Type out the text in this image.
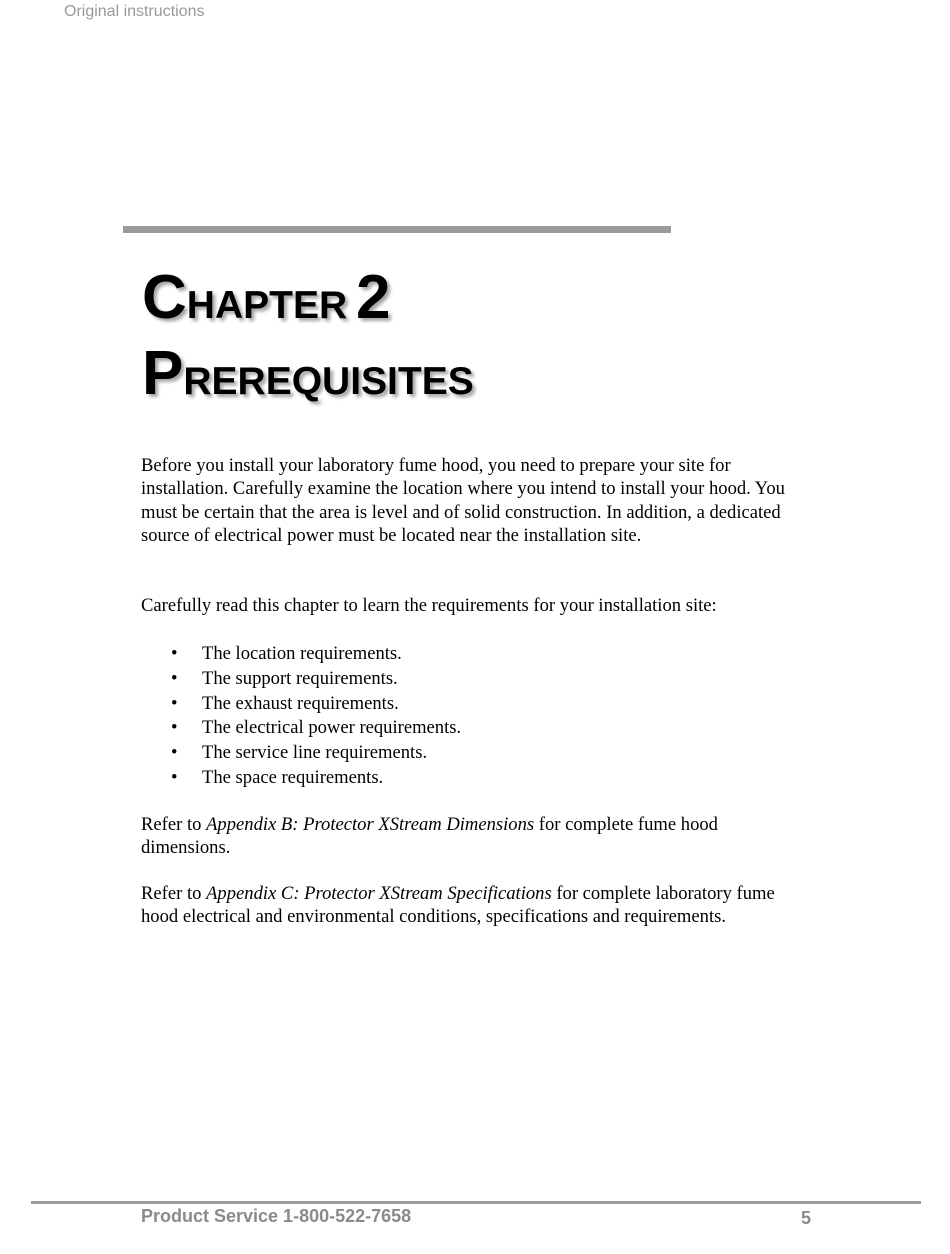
Original instructions
CHAPTER 2
PREREQUISITES

Before you install your laboratory fume hood, you need to prepare your site for installation. Carefully examine the location where you intend to install your hood. You must be certain that the area is level and of solid construction. In addition, a dedicated source of electrical power must be located near the installation site.

Carefully read this chapter to learn the requirements for your installation site:

• The location requirements.
• The support requirements.
• The exhaust requirements.
• The electrical power requirements.
• The service line requirements.
• The space requirements.

Refer to Appendix B: Protector XStream Dimensions for complete fume hood dimensions.

Refer to Appendix C: Protector XStream Specifications for complete laboratory fume hood electrical and environmental conditions, specifications and requirements.

Product Service 1-800-522-7658	5
